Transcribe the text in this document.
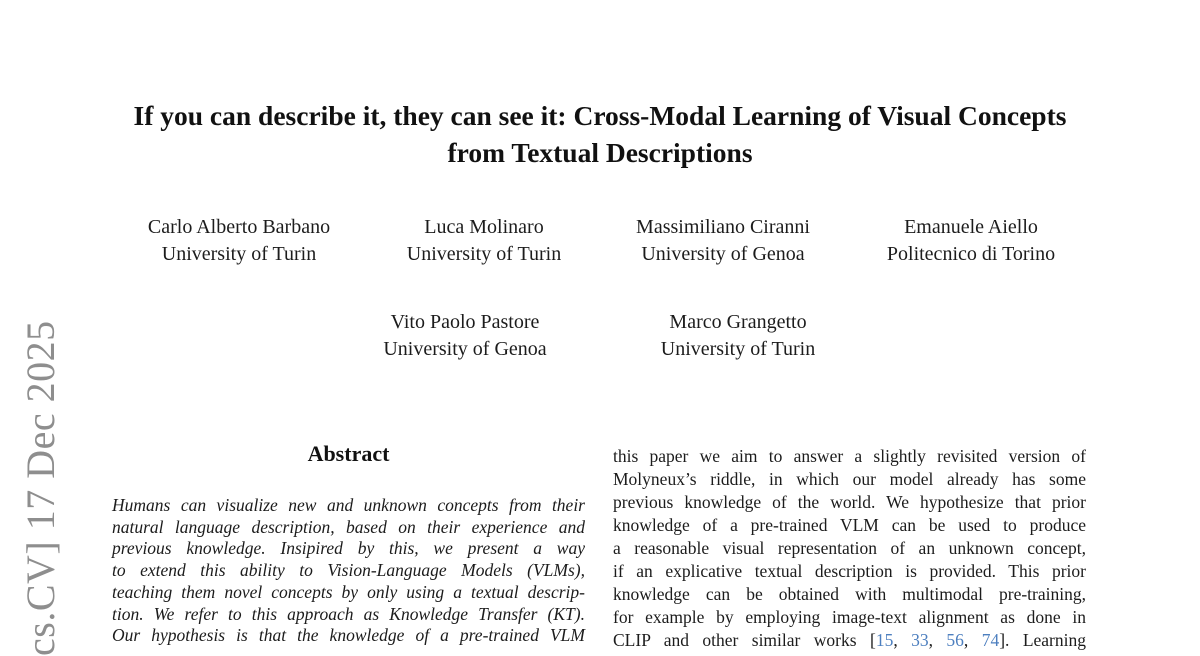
cs.CV] 17 Dec 2025
If you can describe it, they can see it: Cross-Modal Learning of Visual Concepts
from Textual Descriptions
Carlo Alberto Barbano
University of Turin
Luca Molinaro
University of Turin
Massimiliano Ciranni
University of Genoa
Emanuele Aiello
Politecnico di Torino
Vito Paolo Pastore
University of Genoa
Marco Grangetto
University of Turin
Abstract
Humans can visualize new and unknown concepts from their
natural language description, based on their experience and
previous knowledge. Insipired by this, we present a way
to extend this ability to Vision-Language Models (VLMs),
teaching them novel concepts by only using a textual descrip-
tion. We refer to this approach as Knowledge Transfer (KT).
Our hypothesis is that the knowledge of a pre-trained VLM
this paper we aim to answer a slightly revisited version of
Molyneux’s riddle, in which our model already has some
previous knowledge of the world. We hypothesize that prior
knowledge of a pre-trained VLM can be used to produce
a reasonable visual representation of an unknown concept,
if an explicative textual description is provided. This prior
knowledge can be obtained with multimodal pre-training,
for example by employing image-text alignment as done in
CLIP and other similar works [15, 33, 56, 74]. Learning
